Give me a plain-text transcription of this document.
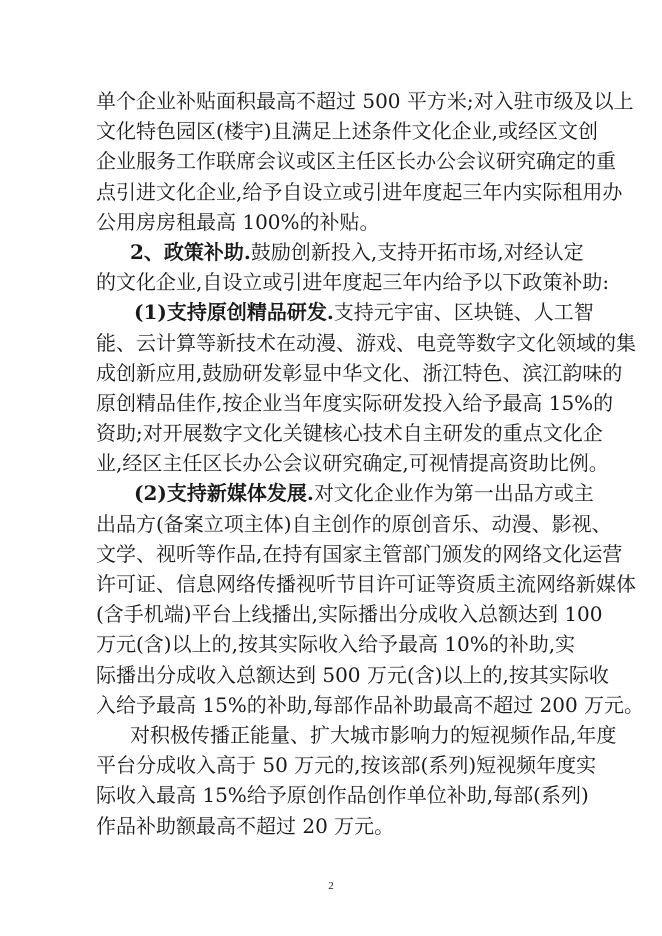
单个企业补贴面积最高不超过 500 平方米;对入驻市级及以上
文化特色园区(楼宇)且满足上述条件文化企业,或经区文创
企业服务工作联席会议或区主任区长办公会议研究确定的重
点引进文化企业,给予自设立或引进年度起三年内实际租用办
公用房房租最高 100%的补贴。
2、政策补助.鼓励创新投入,支持开拓市场,对经认定
的文化企业,自设立或引进年度起三年内给予以下政策补助:
(1)支持原创精品研发.支持元宇宙、区块链、人工智
能、云计算等新技术在动漫、游戏、电竞等数字文化领域的集
成创新应用,鼓励研发彰显中华文化、浙江特色、滨江韵味的
原创精品佳作,按企业当年度实际研发投入给予最高 15%的
资助;对开展数字文化关键核心技术自主研发的重点文化企
业,经区主任区长办公会议研究确定,可视情提高资助比例。
(2)支持新媒体发展.对文化企业作为第一出品方或主
出品方(备案立项主体)自主创作的原创音乐、动漫、影视、
文学、视听等作品,在持有国家主管部门颁发的网络文化运营
许可证、信息网络传播视听节目许可证等资质主流网络新媒体
(含手机端)平台上线播出,实际播出分成收入总额达到 100
万元(含)以上的,按其实际收入给予最高 10%的补助,实
际播出分成收入总额达到 500 万元(含)以上的,按其实际收
入给予最高 15%的补助,每部作品补助最高不超过 200 万元。
对积极传播正能量、扩大城市影响力的短视频作品,年度
平台分成收入高于 50 万元的,按该部(系列)短视频年度实
际收入最高 15%给予原创作品创作单位补助,每部(系列)
作品补助额最高不超过 20 万元。
2
